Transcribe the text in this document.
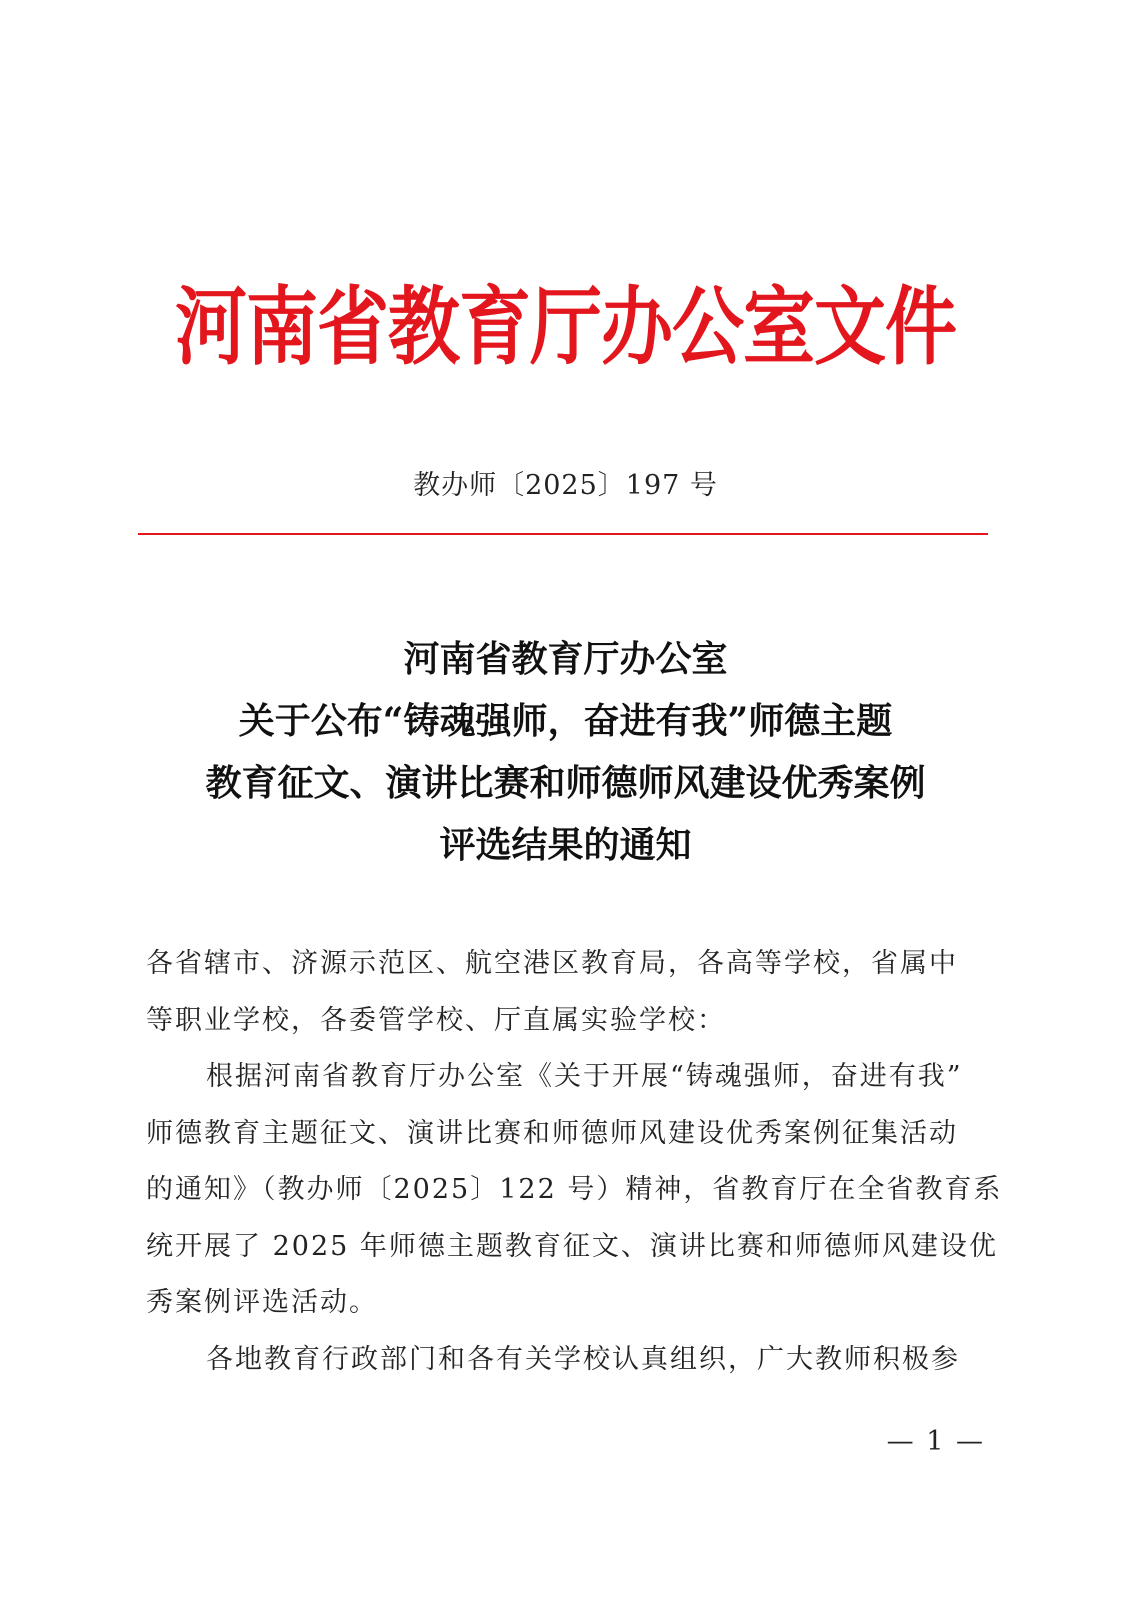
河南省教育厅办公室文件
教办师〔2025〕197 号
河南省教育厅办公室
关于公布“铸魂强师，奋进有我”师德主题
教育征文、演讲比赛和师德师风建设优秀案例
评选结果的通知
各省辖市、济源示范区、航空港区教育局，各高等学校，省属中
等职业学校，各委管学校、厅直属实验学校：
根据河南省教育厅办公室《关于开展“铸魂强师，奋进有我”
师德教育主题征文、演讲比赛和师德师风建设优秀案例征集活动
的通知》（教办师〔2025〕122 号）精神，省教育厅在全省教育系
统开展了 2025 年师德主题教育征文、演讲比赛和师德师风建设优
秀案例评选活动。
各地教育行政部门和各有关学校认真组织，广大教师积极参
— 1 —
